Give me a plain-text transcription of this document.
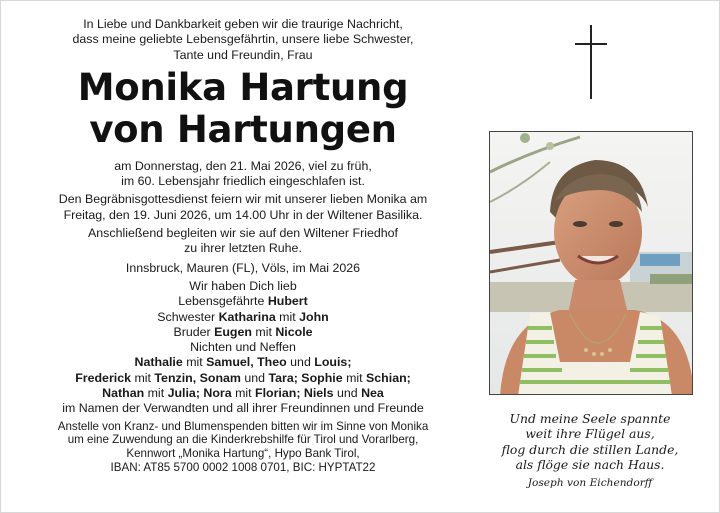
In Liebe und Dankbarkeit geben wir die traurige Nachricht,

dass meine geliebte Lebensgefährtin, unsere liebe Schwester,

Tante und Freundin, Frau

Monika Hartung

von Hartungen

am Donnerstag, den 21. Mai 2026, viel zu früh,

im 60. Lebensjahr friedlich eingeschlafen ist.

Den Begräbnisgottesdienst feiern wir mit unserer lieben Monika am

Freitag, den 19. Juni 2026, um 14.00 Uhr in der Wiltener Basilika.

Anschließend begleiten wir sie auf den Wiltener Friedhof

zu ihrer letzten Ruhe.

Innsbruck, Mauren (FL), Völs, im Mai 2026

Wir haben Dich lieb

Lebensgefährte Hubert

Schwester Katharina mit John

Bruder Eugen mit Nicole

Nichten und Neffen

Nathalie mit Samuel, Theo und Louis;

Frederick mit Tenzin, Sonam und Tara; Sophie mit Schian;

Nathan mit Julia; Nora mit Florian; Niels und Nea

im Namen der Verwandten und all ihrer Freundinnen und Freunde

Anstelle von Kranz- und Blumenspenden bitten wir im Sinne von Monika

um eine Zuwendung an die Kinderkrebshilfe für Tirol und Vorarlberg,

Kennwort „Monika Hartung“, Hypo Bank Tirol,

IBAN: AT85 5700 0002 1008 0701, BIC: HYPTAT22

Und meine Seele spannte

weit ihre Flügel aus,

flog durch die stillen Lande,

als flöge sie nach Haus.

Joseph von Eichendorff
